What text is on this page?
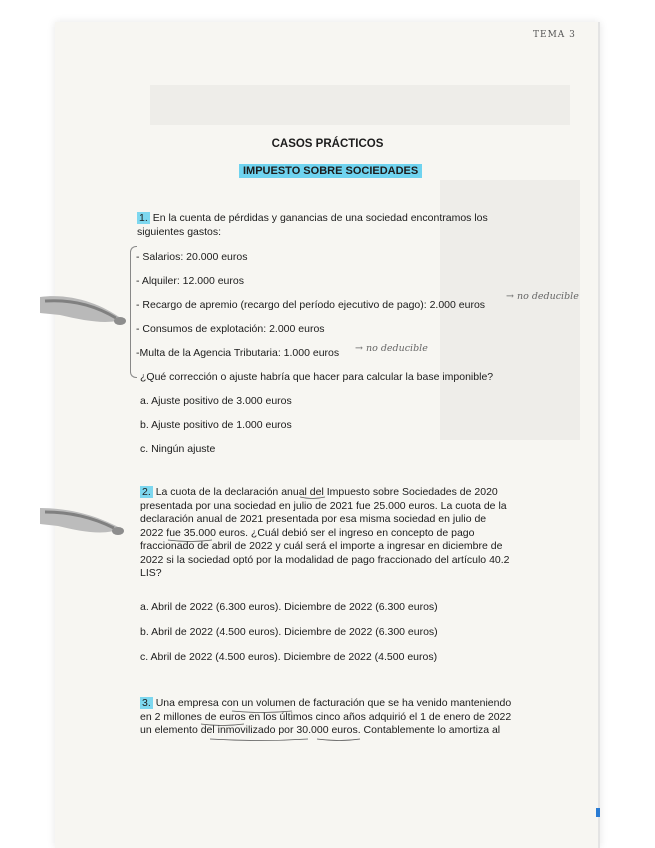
TEMA 3
CASOS PRÁCTICOS
IMPUESTO SOBRE SOCIEDADES
1. En la cuenta de pérdidas y ganancias de una sociedad encontramos los
siguientes gastos:
- Salarios: 20.000 euros
- Alquiler: 12.000 euros
- Recargo de apremio (recargo del período ejecutivo de pago): 2.000 euros
→ no deducible
- Consumos de explotación: 2.000 euros
-Multa de la Agencia Tributaria: 1.000 euros → no deducible
¿Qué corrección o ajuste habría que hacer para calcular la base imponible?
a. Ajuste positivo de 3.000 euros
b. Ajuste positivo de 1.000 euros
c. Ningún ajuste
2. La cuota de la declaración anual del Impuesto sobre Sociedades de 2020
presentada por una sociedad en julio de 2021 fue 25.000 euros. La cuota de la
declaración anual de 2021 presentada por esa misma sociedad en julio de
2022 fue 35.000 euros. ¿Cuál debió ser el ingreso en concepto de pago
fraccionado de abril de 2022 y cuál será el importe a ingresar en diciembre de
2022 si la sociedad optó por la modalidad de pago fraccionado del artículo 40.2
LIS?
a. Abril de 2022 (6.300 euros). Diciembre de 2022 (6.300 euros)
b. Abril de 2022 (4.500 euros). Diciembre de 2022 (6.300 euros)
c. Abril de 2022 (4.500 euros). Diciembre de 2022 (4.500 euros)
3. Una empresa con un volumen de facturación que se ha venido manteniendo
en 2 millones de euros en los últimos cinco años adquirió el 1 de enero de 2022
un elemento del inmovilizado por 30.000 euros. Contablemente lo amortiza al
